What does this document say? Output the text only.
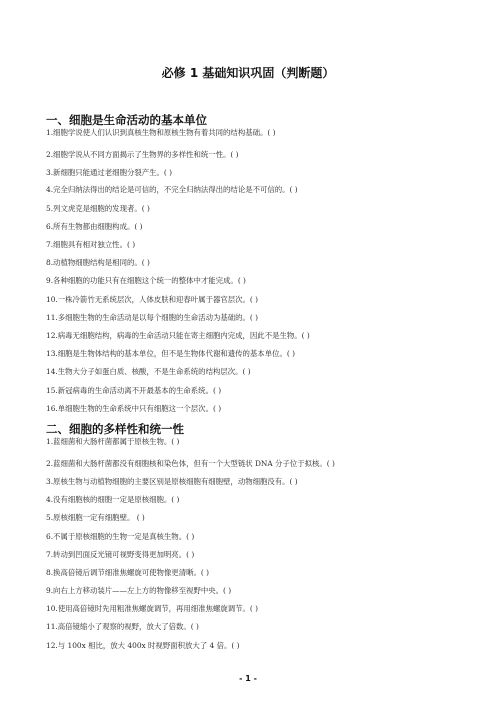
必修 1 基础知识巩固（判断题）
一、细胞是生命活动的基本单位
1.细胞学说使人们认识到真核生物和原核生物有着共同的结构基础。( )
2.细胞学说从不同方面揭示了生物界的多样性和统一性。( )
3.新细胞只能通过老细胞分裂产生。( )
4.完全归纳法得出的结论是可信的，不完全归纳法得出的结论是不可信的。( )
5.列文虎克是细胞的发现者。( )
6.所有生物都由细胞构成。( )
7.细胞具有相对独立性。( )
8.动植物细胞结构是相同的。( )
9.各种细胞的功能只有在细胞这个统一的整体中才能完成。( )
10.一株冷箭竹无系统层次，人体皮肤和迎春叶属于器官层次。( )
11.多细胞生物的生命活动是以每个细胞的生命活动为基础的。( )
12.病毒无细胞结构，病毒的生命活动只能在寄主细胞内完成，因此不是生物。( )
13.细胞是生物体结构的基本单位，但不是生物体代谢和遗传的基本单位。( )
14.生物大分子如蛋白质、核酸，不是生命系统的结构层次。( )
15.新冠病毒的生命活动离不开最基本的生命系统。( )
16.单细胞生物的生命系统中只有细胞这一个层次。( )
二、细胞的多样性和统一性
1.蓝细菌和大肠杆菌都属于原核生物。( )
2.蓝细菌和大肠杆菌都没有细胞核和染色体，但有一个大型链状 DNA 分子位于拟核。( )
3.原核生物与动植物细胞的主要区别是原核细胞有细胞壁，动物细胞没有。( )
4.没有细胞核的细胞一定是原核细胞。( )
5.原核细胞一定有细胞壁。 ( )
6.不属于原核细胞的生物一定是真核生物。( )
7.转动到凹面反光镜可视野变得更加明亮。( )
8.换高倍镜后调节细准焦螺旋可使物像更清晰。( )
9.向右上方移动装片——左上方的物像移至视野中央。( )
10.使用高倍镜时先用粗准焦螺旋调节，再用细准焦螺旋调节。( )
11.高倍镜缩小了观察的视野，放大了倍数。( )
12.与 100x 相比，放大 400x 时视野面积放大了 4 倍。( )
- 1 -
